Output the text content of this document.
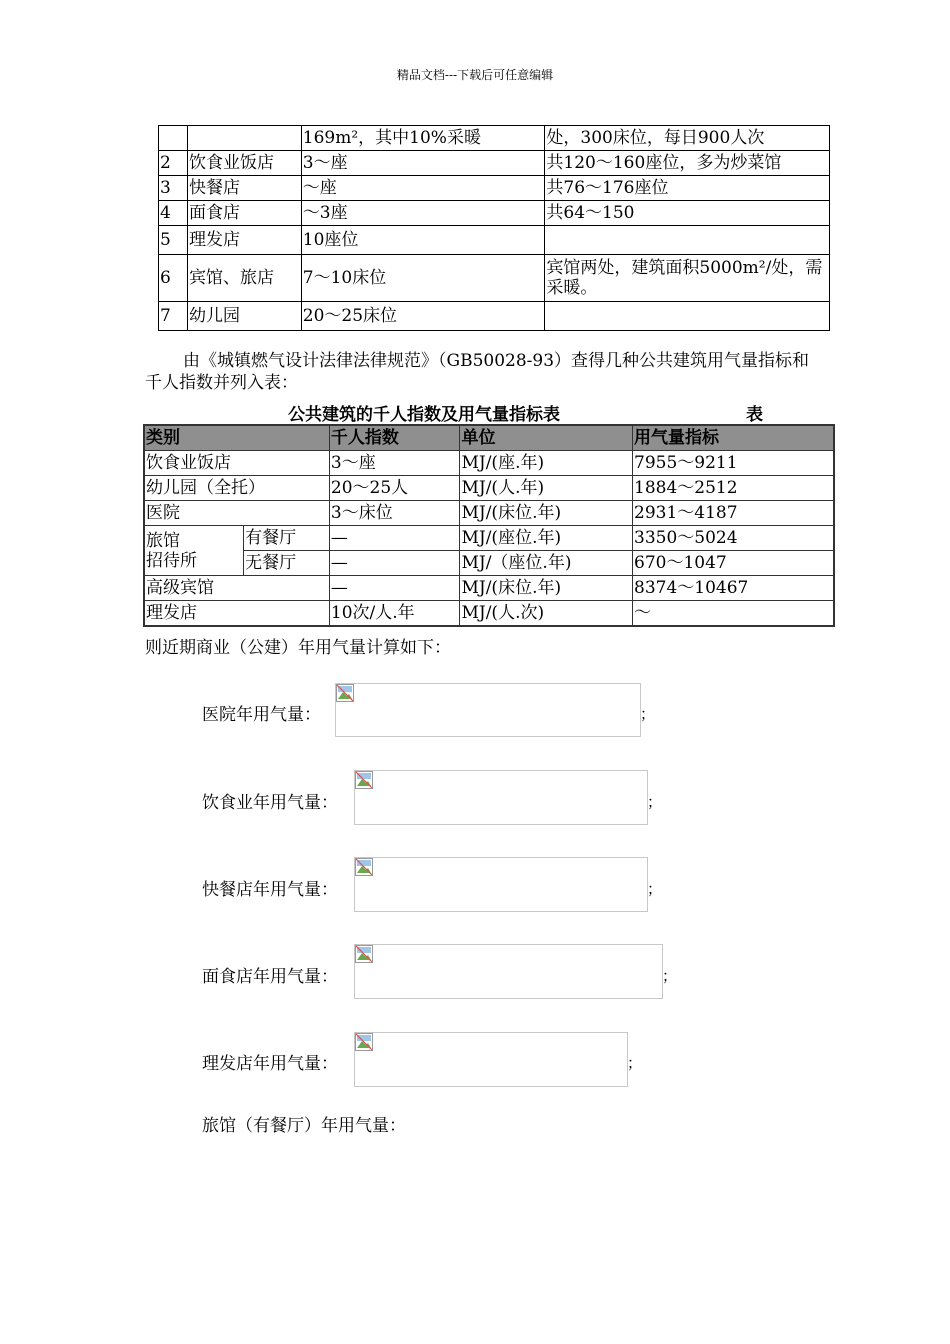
精品文档---下载后可任意编辑
		169m²，其中10%采暖	处，300床位，每日900人次
2	饮食业饭店	3～座	共120～160座位，多为炒菜馆
3	快餐店	～座	共76～176座位
4	面食店	～3座	共64～150
5	理发店	10座位	
6	宾馆、旅店	7～10床位	宾馆两处，建筑面积5000m²/处，需采暖。
7	幼儿园	20～25床位	
由《城镇燃气设计法律法律规范》（GB50028-93）查得几种公共建筑用气量指标和千人指数并列入表：
公共建筑的千人指数及用气量指标表	表
类别		千人指数	单位	用气量指标
饮食业饭店		3～座	MJ/(座.年)	7955～9211
幼儿园（全托）		20～25人	MJ/(人.年)	1884～2512
医院		3～床位	MJ/(床位.年)	2931～4187

旅馆
招待所	有餐厅	—	MJ/(座位.年)	3350～5024
	无餐厅	—	MJ/（座位.年)	670～1047
高级宾馆		—	MJ/(床位.年)	8374～10467
理发店		10次/人.年	MJ/(人.次)	～
则近期商业（公建）年用气量计算如下：
医院年用气量：	；
饮食业年用气量：	；
快餐店年用气量：	；
面食店年用气量：	；
理发店年用气量：	；
旅馆（有餐厅）年用气量：
